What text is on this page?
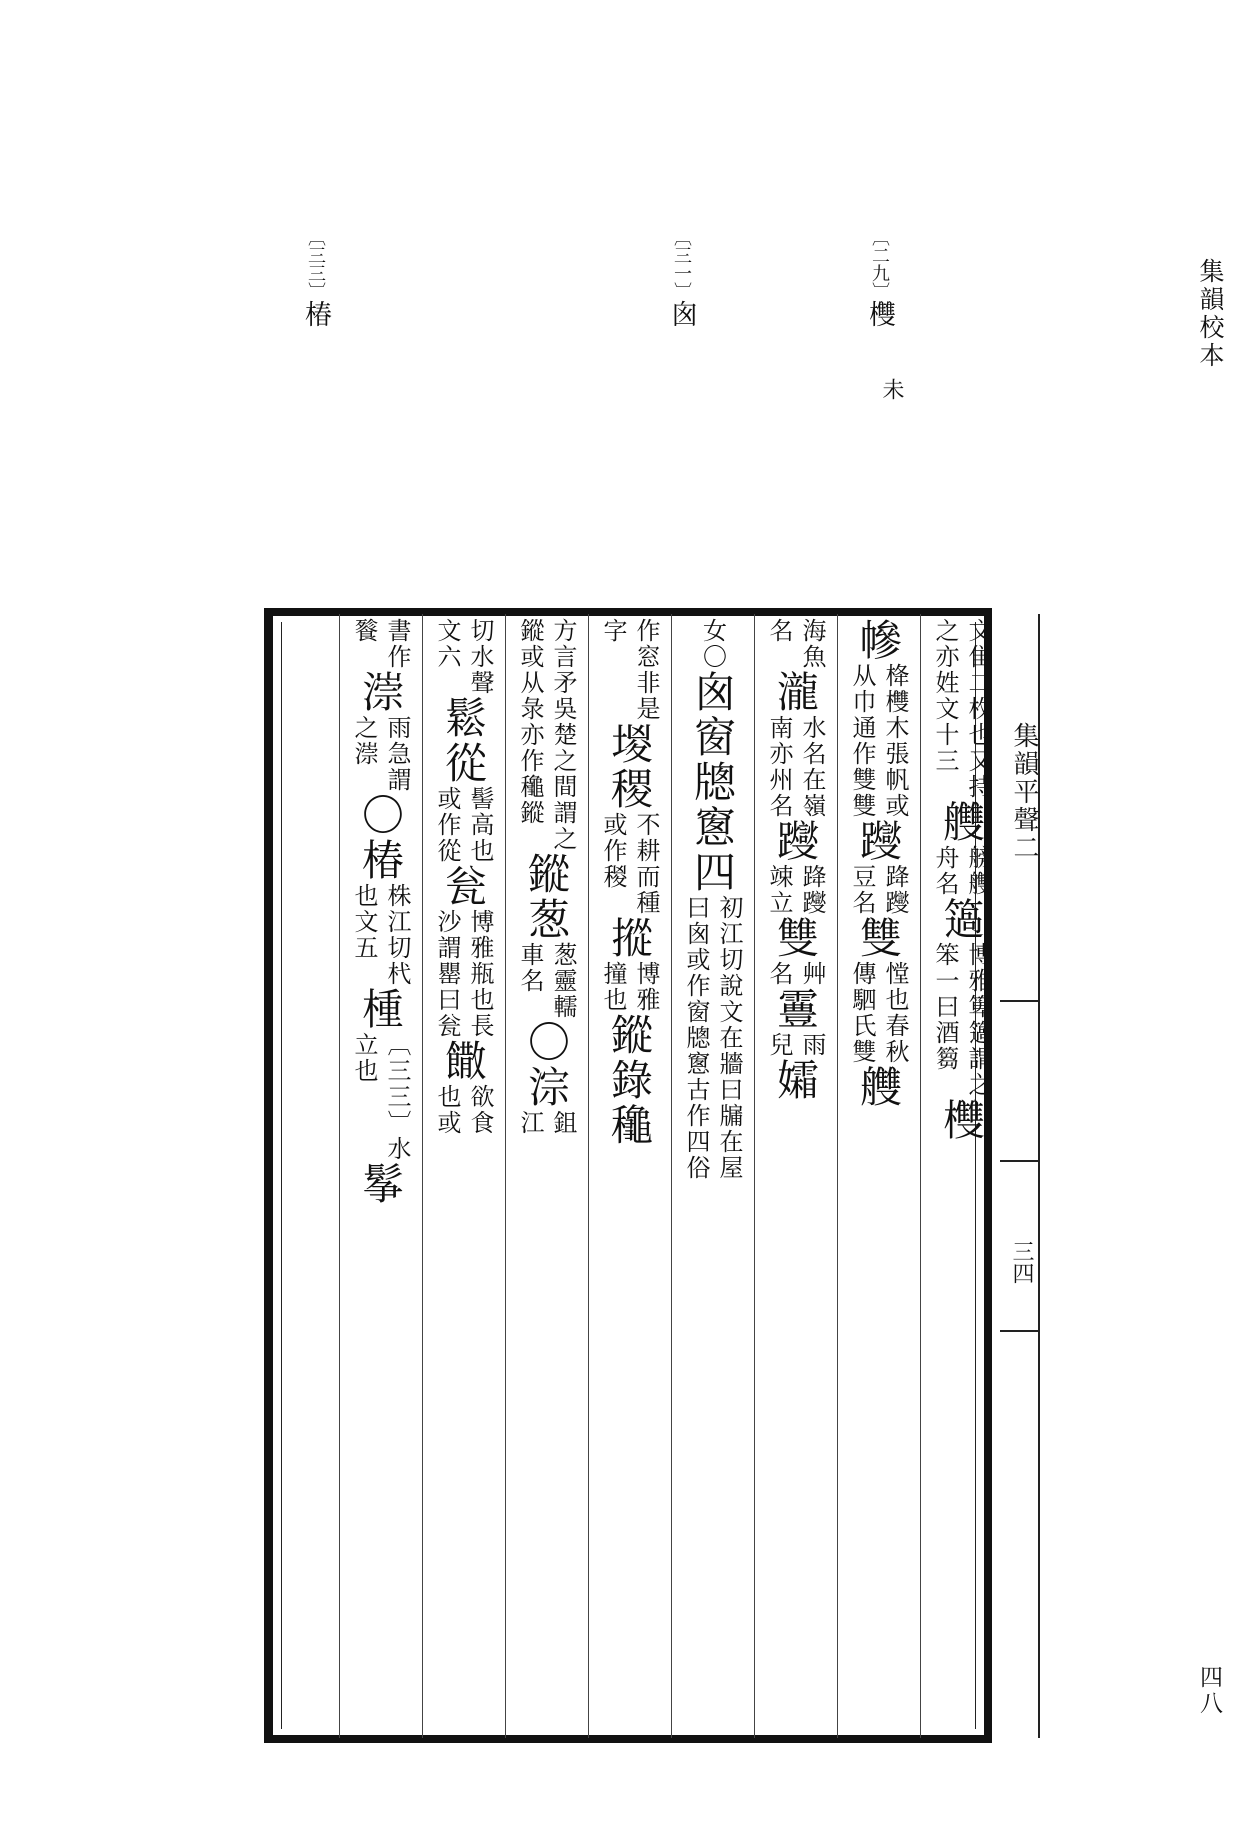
集韻校本
四八
〔二九〕欆
未
〔三一〕囪
〔三三〕椿
集韻平聲二
三四
文隹二枚也又持
之亦姓文十三
艭
艕艭
舟名
簻
博雅箄簻謂之
笨一曰酒篘
欆
幓
栙欆木張帆或
从巾通作雙雙
躞
跭躞
豆名
雙
憆也春秋
傳駟氏雙
艭
海魚
名
瀧
水名在嶺
南亦州名
躞
跭躞
竦立
雙
艸
名
霻
雨
兒
孀
女〇
囪窗牕窻四
初江切說文在牆曰牖在屋
曰囪或作窗牕窻古作四俗
作窓非是
字
堫稷
不耕而種
或作稯
摐
博雅
撞也
鏦錄䆋
方言矛吳楚之間謂之
鏦或从彔亦作䆋鏦
鏦
葱
葱靈轜
車名
〇淙
鉏
江
切水聲
文六
鬆從
髻高也
或作從
瓮
博雅瓶也長
沙謂罌曰瓮
饊
欲食
也或
書作
餮
漴
雨急謂
之漴
〇椿
株江切杙
也文五
㮔
〔三三〕水
立也
鬇
